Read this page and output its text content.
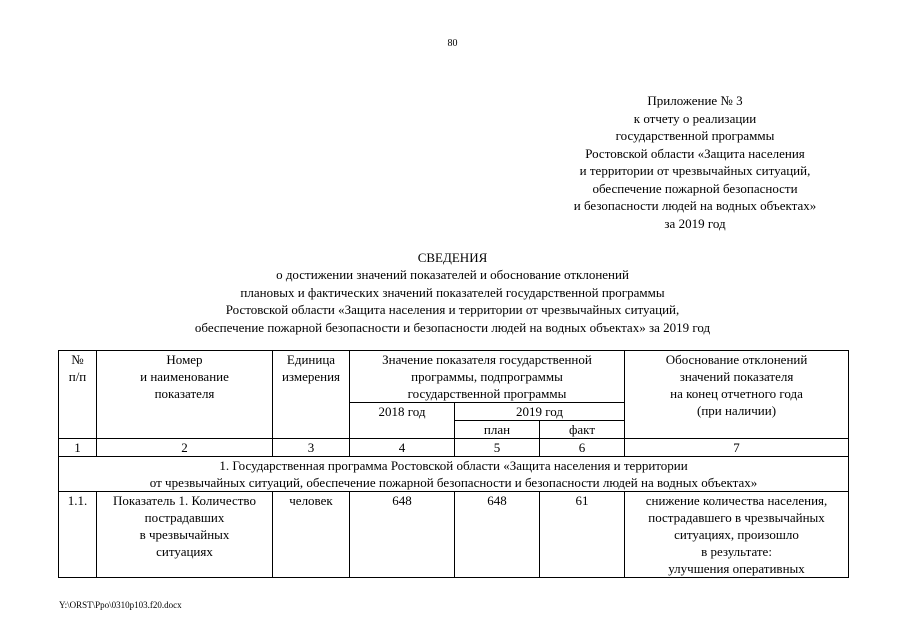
80
Приложение № 3
к отчету о реализации
государственной программы
Ростовской области «Защита населения
и территории от чрезвычайных ситуаций,
обеспечение пожарной безопасности
и безопасности людей на водных объектах»
за 2019 год
СВЕДЕНИЯ
о достижении значений показателей и обоснование отклонений
плановых и фактических значений показателей государственной программы
Ростовской области «Защита населения и территории от чрезвычайных ситуаций,
обеспечение пожарной безопасности и безопасности людей на водных объектах» за 2019 год
№
п/п	Номер
и наименование
показателя	Единица
измерения	Значение показателя государственной
программы, подпрограммы
государственной программы			Обоснование отклонений
значений показателя
на конец отчетного года
(при наличии)
			2018 год	2019 год		
				план	факт	
1	2	3	4	5	6	7
1. Государственная программа Ростовской области «Защита населения и территории
от чрезвычайных ситуаций, обеспечение пожарной безопасности и безопасности людей на водных объектах»						
1.1.	Показатель 1. Количество
пострадавших
в чрезвычайных
ситуациях	человек	648	648	61	снижение количества населения,
пострадавшего в чрезвычайных
ситуациях, произошло
в результате:
улучшения оперативных
Y:\ORST\Ppo\0310p103.f20.docx
